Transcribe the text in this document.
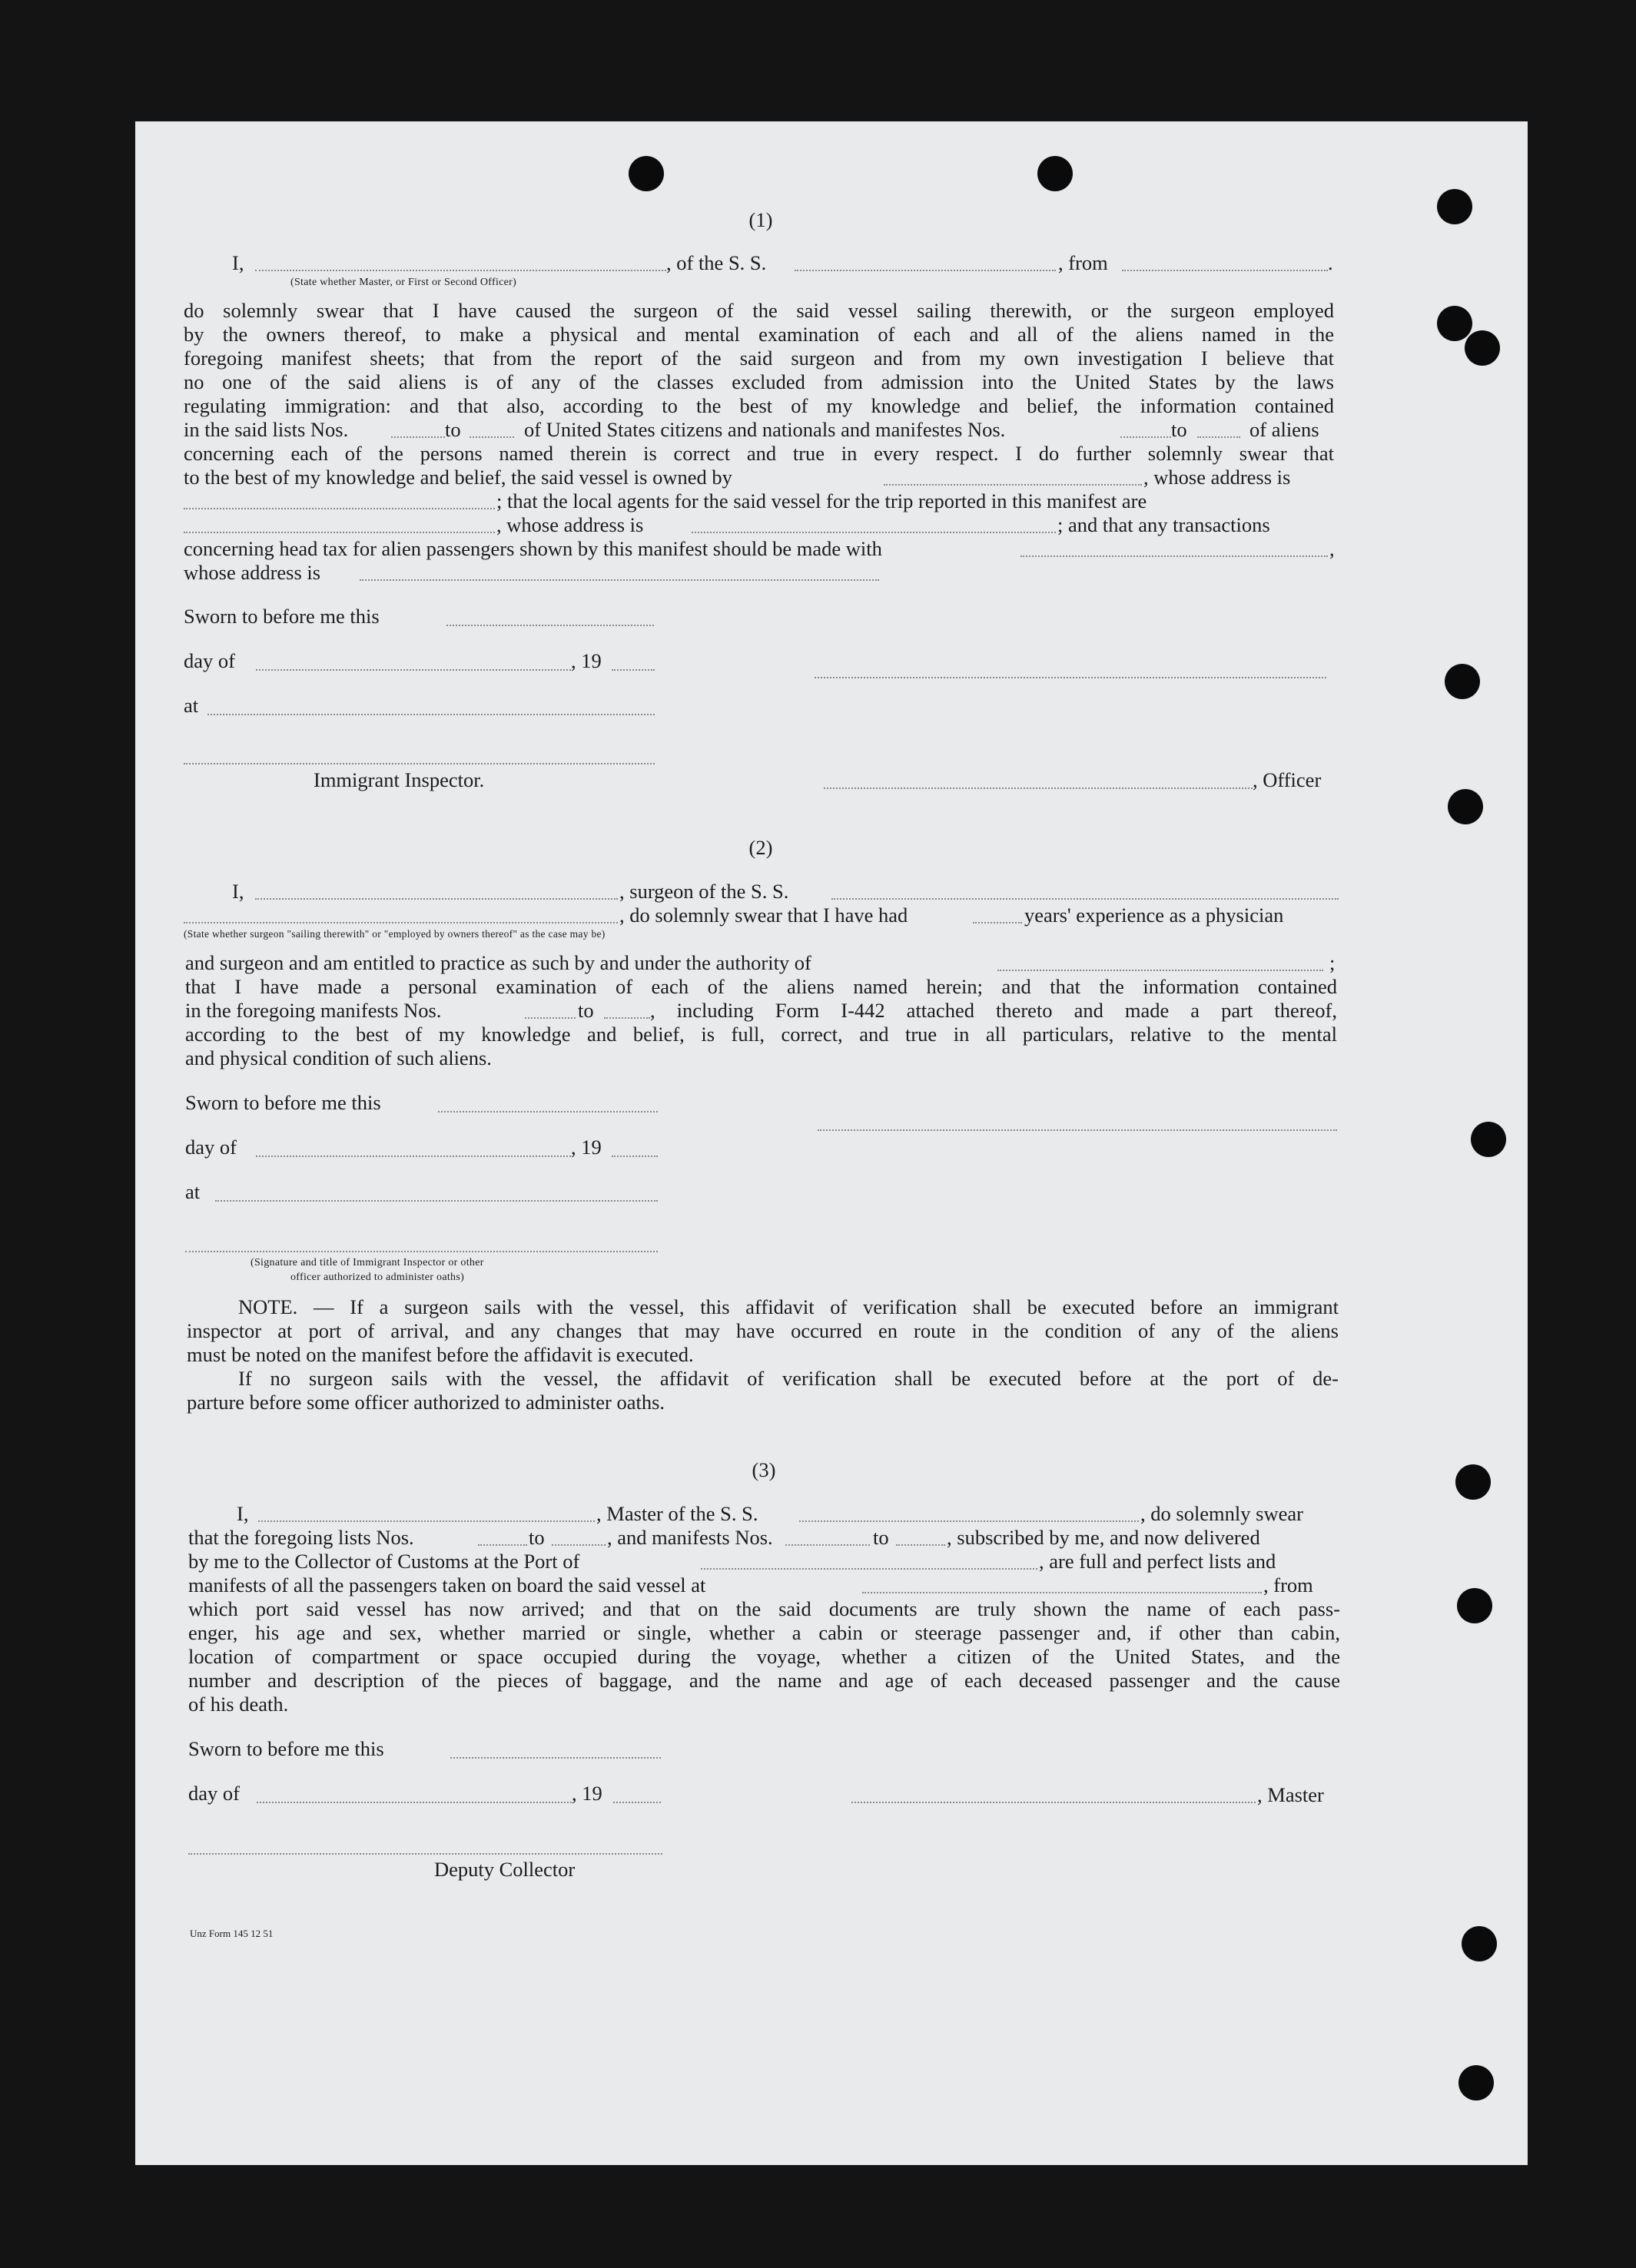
(1)
I,	, of the S. S.	, from	.
(State whether Master, or First or Second Officer)
do solemnly swear that I have caused the surgeon of the said vessel sailing therewith, or the surgeon employed
by the owners thereof, to make a physical and mental examination of each and all of the aliens named in the
foregoing manifest sheets; that from the report of the said surgeon and from my own investigation I believe that
no one of the said aliens is of any of the classes excluded from admission into the United States by the laws
regulating immigration: and that also, according to the best of my knowledge and belief, the information contained
in the said lists Nos.	to	of United States citizens and nationals and manifestes Nos.	to	of aliens
concerning each of the persons named therein is correct and true in every respect. I do further solemnly swear that
to the best of my knowledge and belief, the said vessel is owned by	, whose address is
; that the local agents for the said vessel for the trip reported in this manifest are
, whose address is	; and that any transactions
concerning head tax for alien passengers shown by this manifest should be made with	,
whose address is
Sworn to before me this
day of	, 19
at
Immigrant Inspector.	, Officer
(2)
I,	, surgeon of the S. S.
, do solemnly swear that I have had	years' experience as a physician
(State whether surgeon "sailing therewith" or "employed by owners thereof" as the case may be)
and surgeon and am entitled to practice as such by and under the authority of	;
that I have made a personal examination of each of the aliens named herein; and that the information contained
in the foregoing manifests Nos.	to	, including Form I-442 attached thereto and made a part thereof,
according to the best of my knowledge and belief, is full, correct, and true in all particulars, relative to the mental
and physical condition of such aliens.
Sworn to before me this
day of	, 19
at
(Signature and title of Immigrant Inspector or other
officer authorized to administer oaths)
NOTE. — If a surgeon sails with the vessel, this affidavit of verification shall be executed before an immigrant
inspector at port of arrival, and any changes that may have occurred en route in the condition of any of the aliens
must be noted on the manifest before the affidavit is executed.
If no surgeon sails with the vessel, the affidavit of verification shall be executed before at the port of de-
parture before some officer authorized to administer oaths.
(3)
I,	, Master of the S. S.	, do solemnly swear
that the foregoing lists Nos.	to	, and manifests Nos.	to	, subscribed by me, and now delivered
by me to the Collector of Customs at the Port of	, are full and perfect lists and
manifests of all the passengers taken on board the said vessel at	, from
which port said vessel has now arrived; and that on the said documents are truly shown the name of each pass-
enger, his age and sex, whether married or single, whether a cabin or steerage passenger and, if other than cabin,
location of compartment or space occupied during the voyage, whether a citizen of the United States, and the
number and description of the pieces of baggage, and the name and age of each deceased passenger and the cause
of his death.
Sworn to before me this
day of	, 19	, Master
Deputy Collector
Unz Form 145 12 51
